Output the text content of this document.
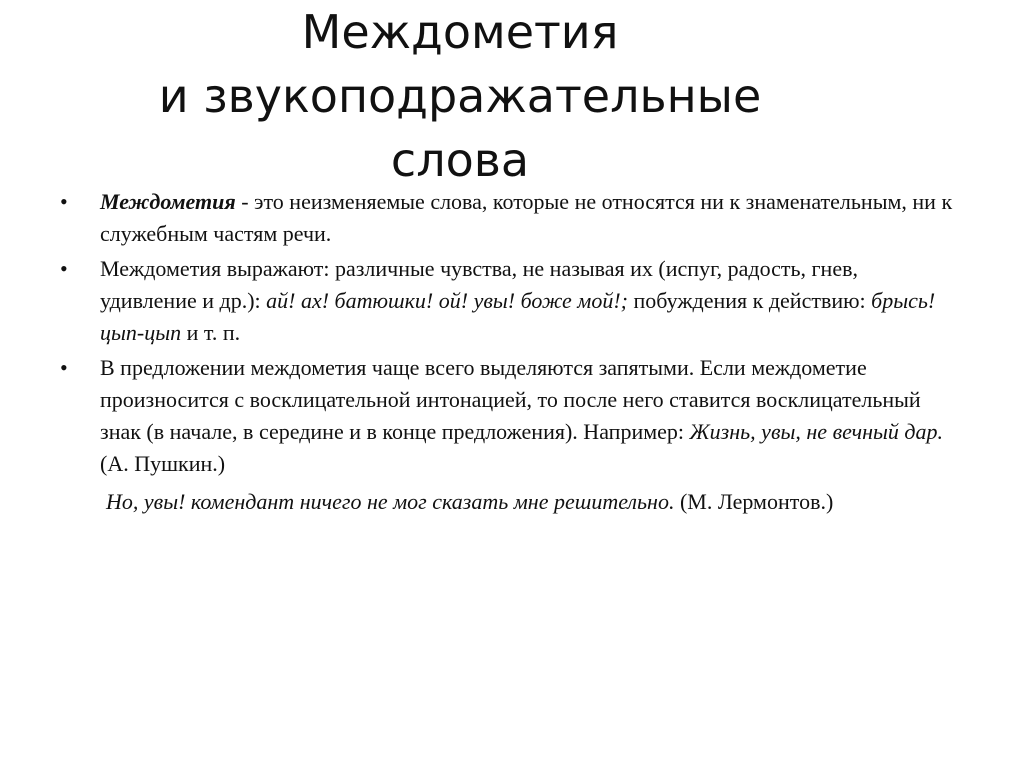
Междометия
и звукоподражательные
слова
•	Междометия - это неизменяемые слова, которые не относятся ни к знаменательным, ни к служебным частям речи.
•	Междометия выражают: различные чувства, не называя их (испуг, радость, гнев, удивление и др.): ай! ах! батюшки! ой! увы! боже мой!; побуждения к действию: брысь! цып-цып и т. п.
•	В предложении междометия чаще всего выделяются запятыми. Если междометие произносится с восклицательной интонацией, то после него ставится восклицательный знак (в начале, в середине и в конце предложения). Например: Жизнь, увы, не вечный дар. (А. Пушкин.)
Но, увы! комендант ничего не мог сказать мне решительно. (М. Лермонтов.)
